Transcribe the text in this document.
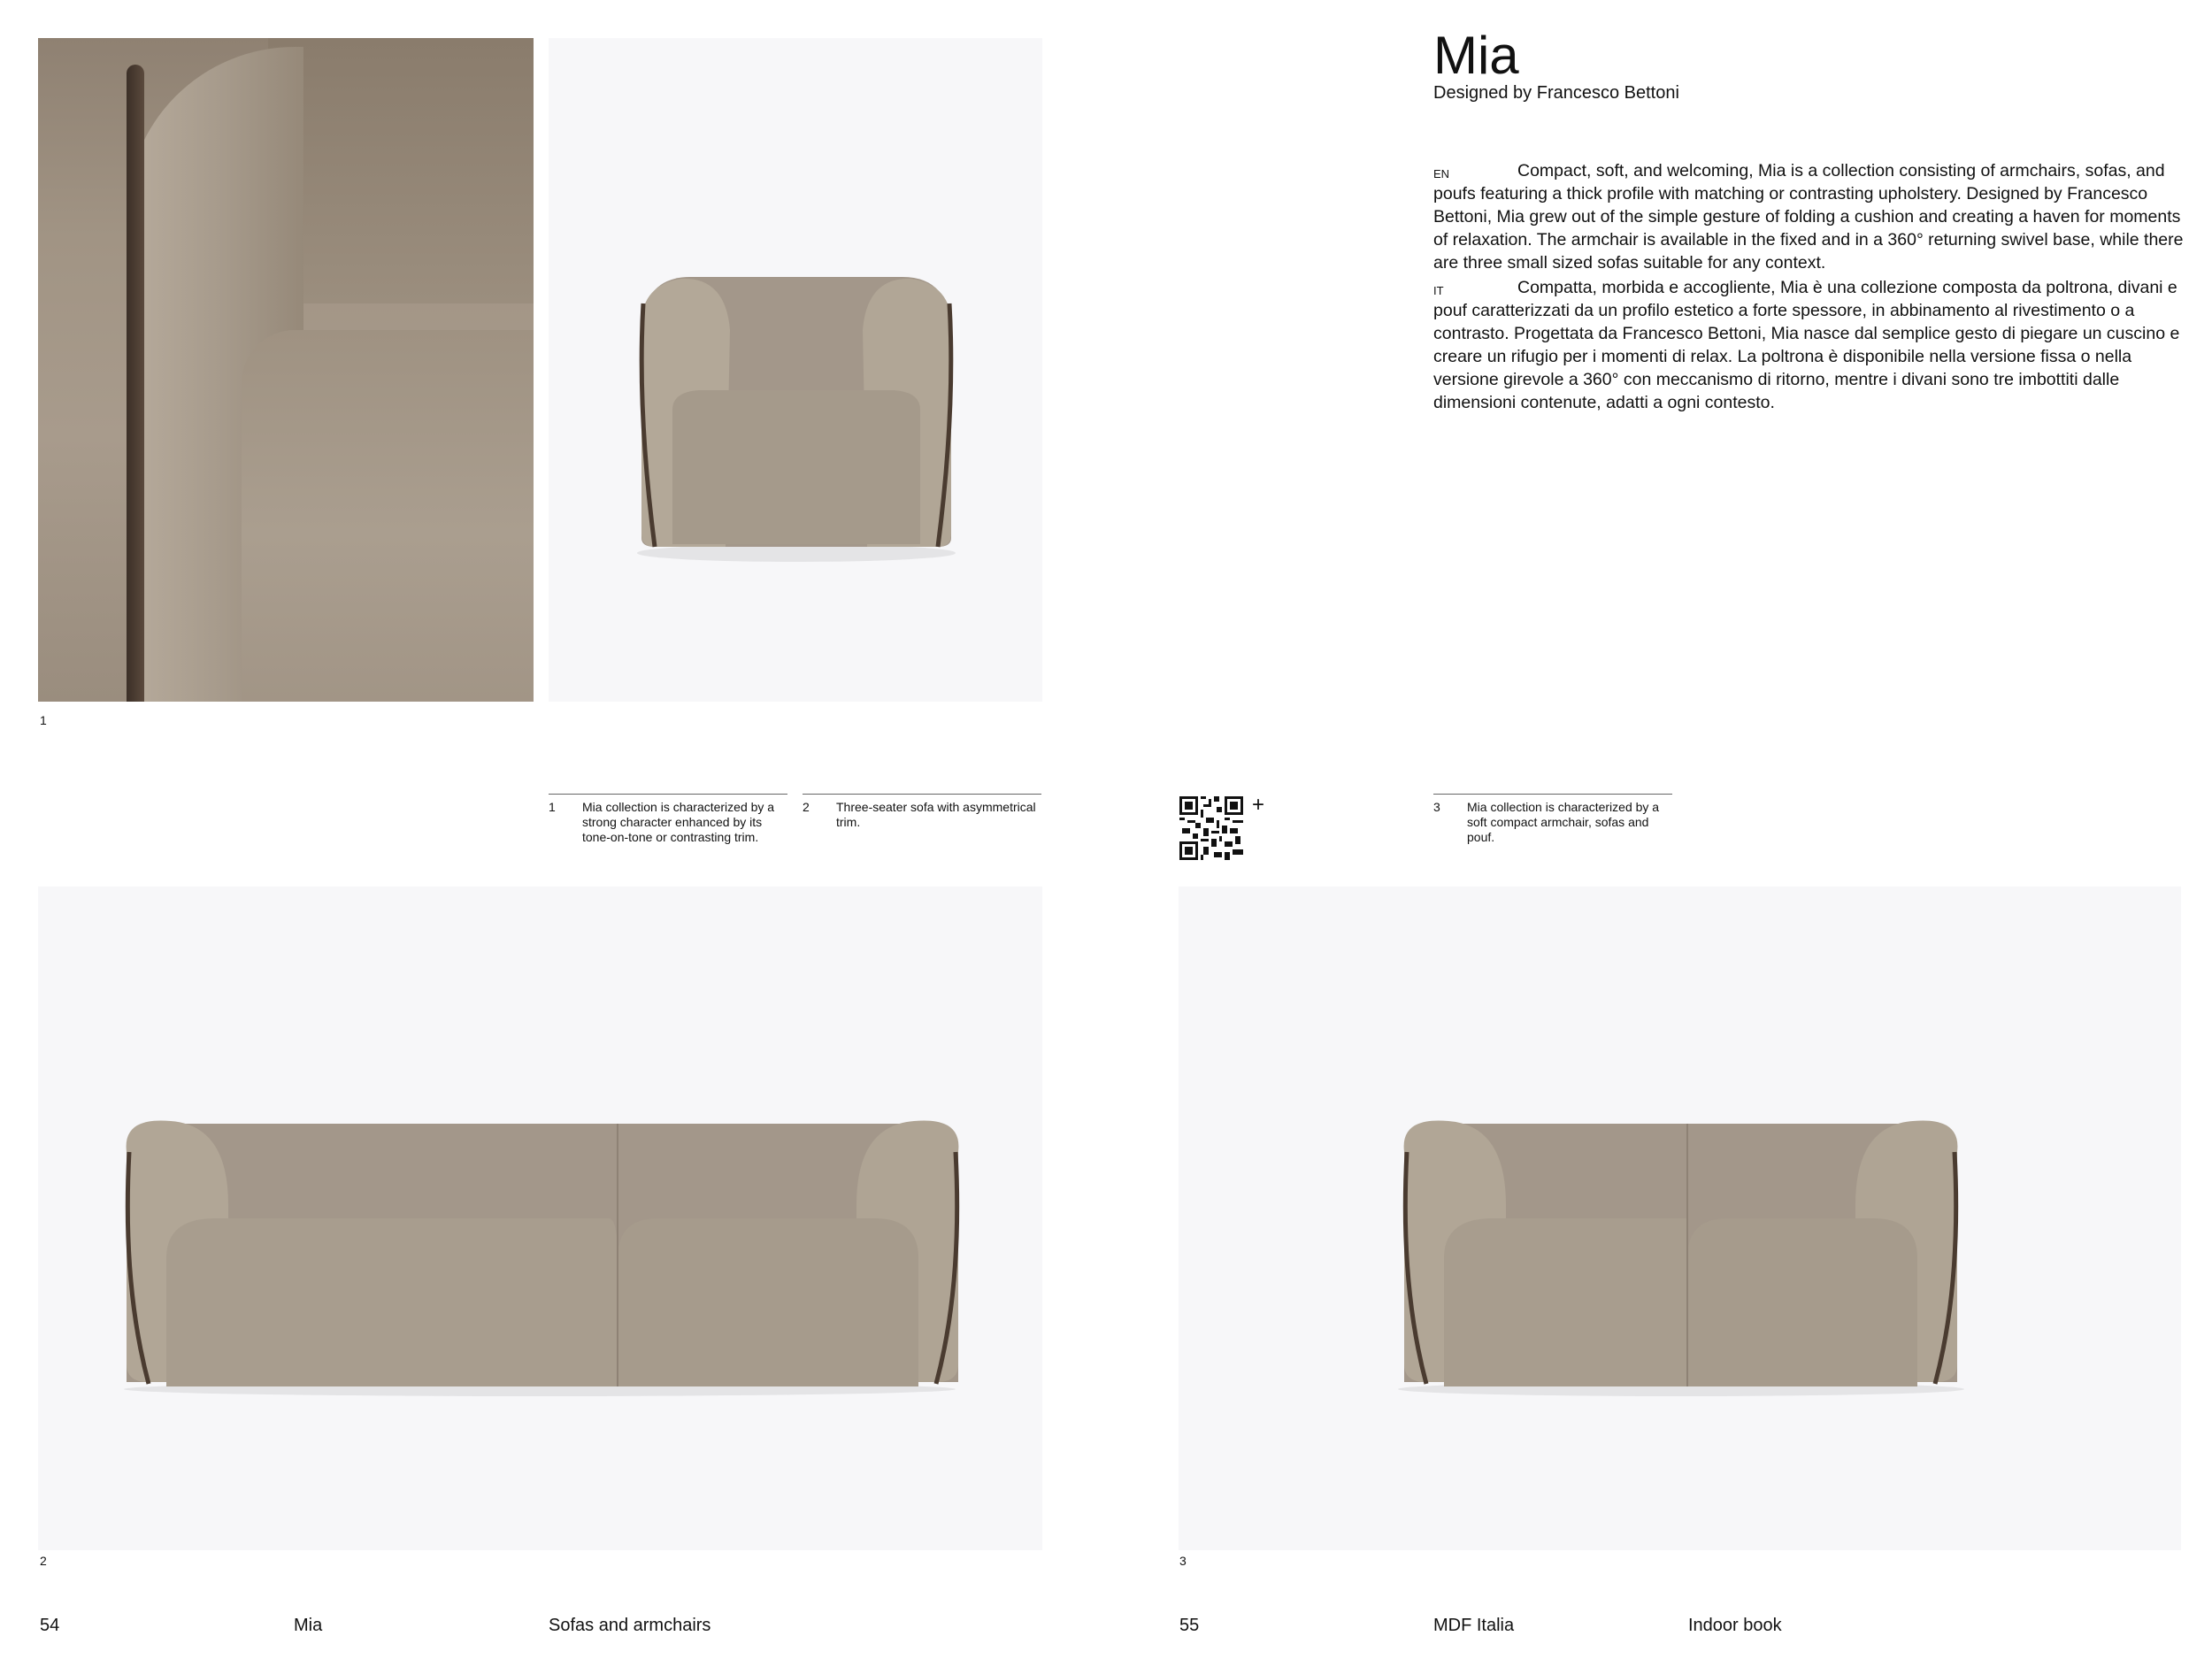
1
Mia
Designed by Francesco Bettoni
EN	Compact, soft, and welcoming, Mia is a collection consisting of armchairs, sofas, and poufs featuring a thick profile with matching or contrasting upholstery. Designed by Francesco Bettoni, Mia grew out of the simple gesture of folding a cushion and creating a haven for moments of relaxation. The armchair is available in the fixed and in a 360° returning swivel base, while there are three small sized sofas suitable for any context.
IT	Compatta, morbida e accogliente, Mia è una collezione composta da poltrona, divani e pouf caratterizzati da un profilo estetico a forte spessore, in abbinamento al rivestimento o a contrasto. Progettata da Francesco Bettoni, Mia nasce dal semplice gesto di piegare un cuscino e creare un rifugio per i momenti di relax. La poltrona è disponibile nella versione fissa o nella versione girevole a 360° con meccanismo di ritorno, mentre i divani sono tre imbottiti dalle dimensioni contenute, adatti a ogni contesto.
1 Mia collection is characterized by a strong character enhanced by its tone-on-tone or contrasting trim.
2 Three-seater sofa with asymmetrical trim.
3 Mia collection is characterized by a soft compact armchair, sofas and pouf.
+
2	3
54	Mia	Sofas and armchairs	55	MDF Italia	Indoor book
